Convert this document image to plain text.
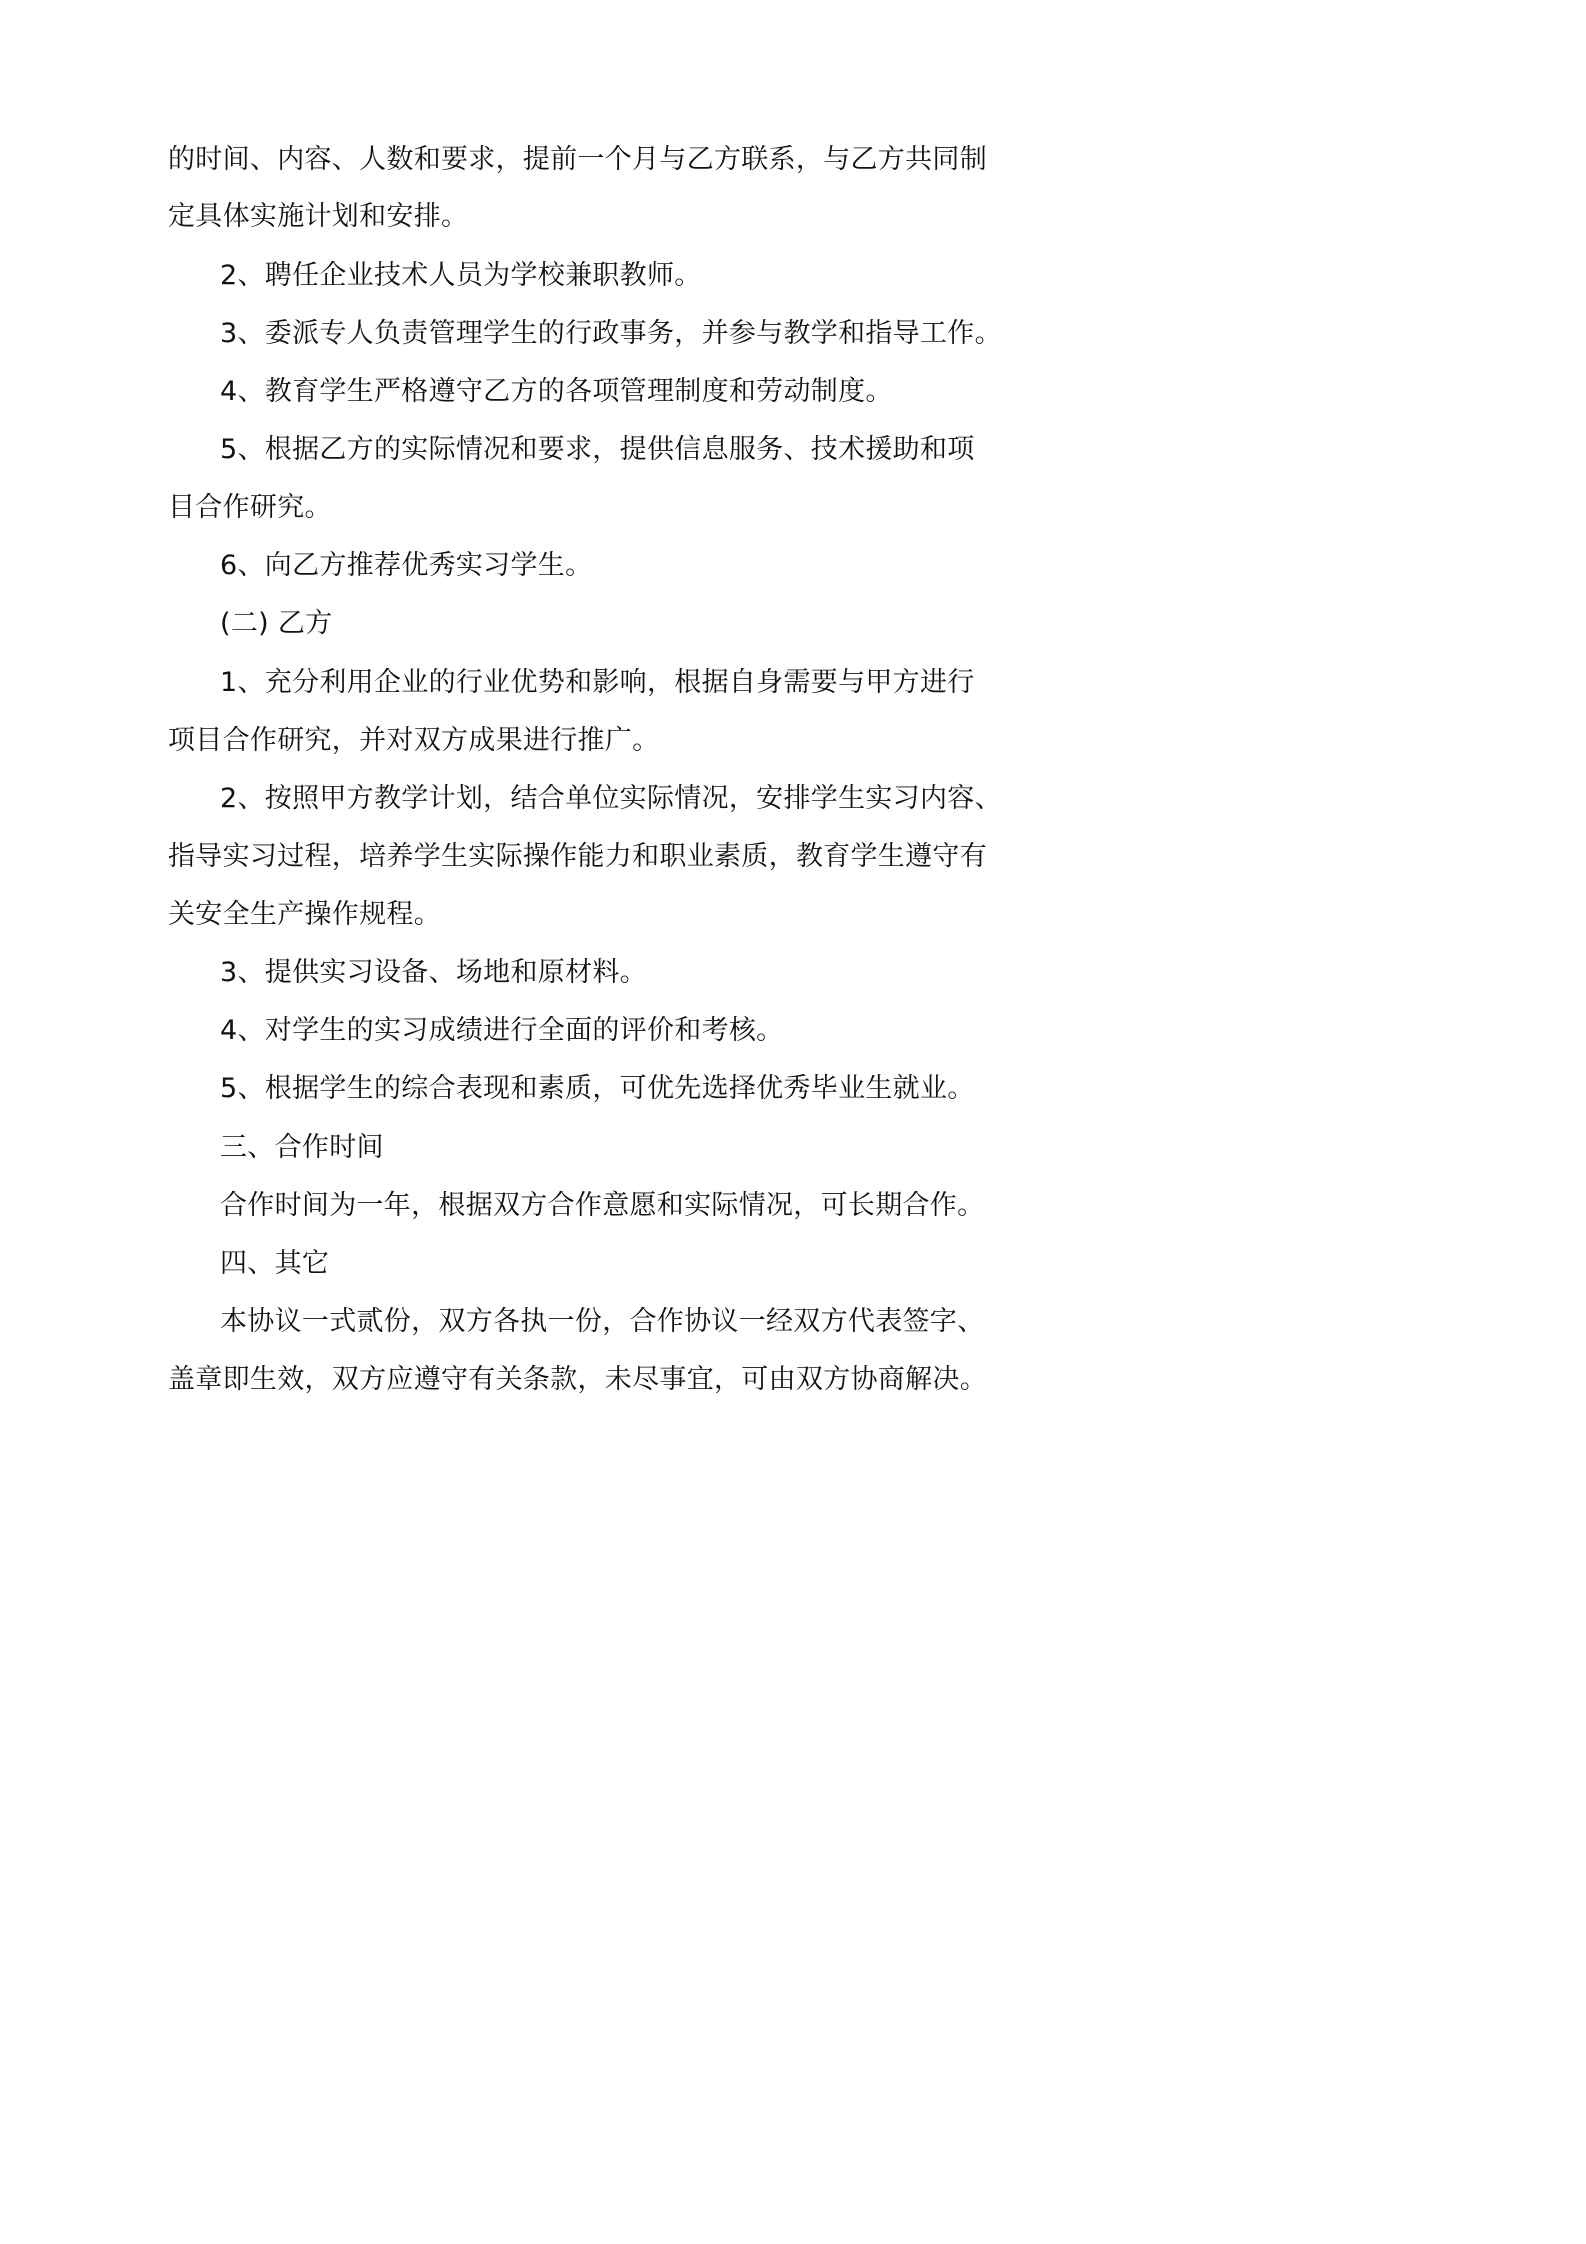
的时间、内容、人数和要求，提前一个月与乙方联系，与乙方共同制
定具体实施计划和安排。
2、聘任企业技术人员为学校兼职教师。
3、委派专人负责管理学生的行政事务，并参与教学和指导工作。
4、教育学生严格遵守乙方的各项管理制度和劳动制度。
5、根据乙方的实际情况和要求，提供信息服务、技术援助和项
目合作研究。
6、向乙方推荐优秀实习学生。
(二) 乙方
1、充分利用企业的行业优势和影响，根据自身需要与甲方进行
项目合作研究，并对双方成果进行推广。
2、按照甲方教学计划，结合单位实际情况，安排学生实习内容、
指导实习过程，培养学生实际操作能力和职业素质，教育学生遵守有
关安全生产操作规程。
3、提供实习设备、场地和原材料。
4、对学生的实习成绩进行全面的评价和考核。
5、根据学生的综合表现和素质，可优先选择优秀毕业生就业。
三、合作时间
合作时间为一年，根据双方合作意愿和实际情况，可长期合作。
四、其它
本协议一式贰份，双方各执一份，合作协议一经双方代表签字、
盖章即生效，双方应遵守有关条款，未尽事宜，可由双方协商解决。
